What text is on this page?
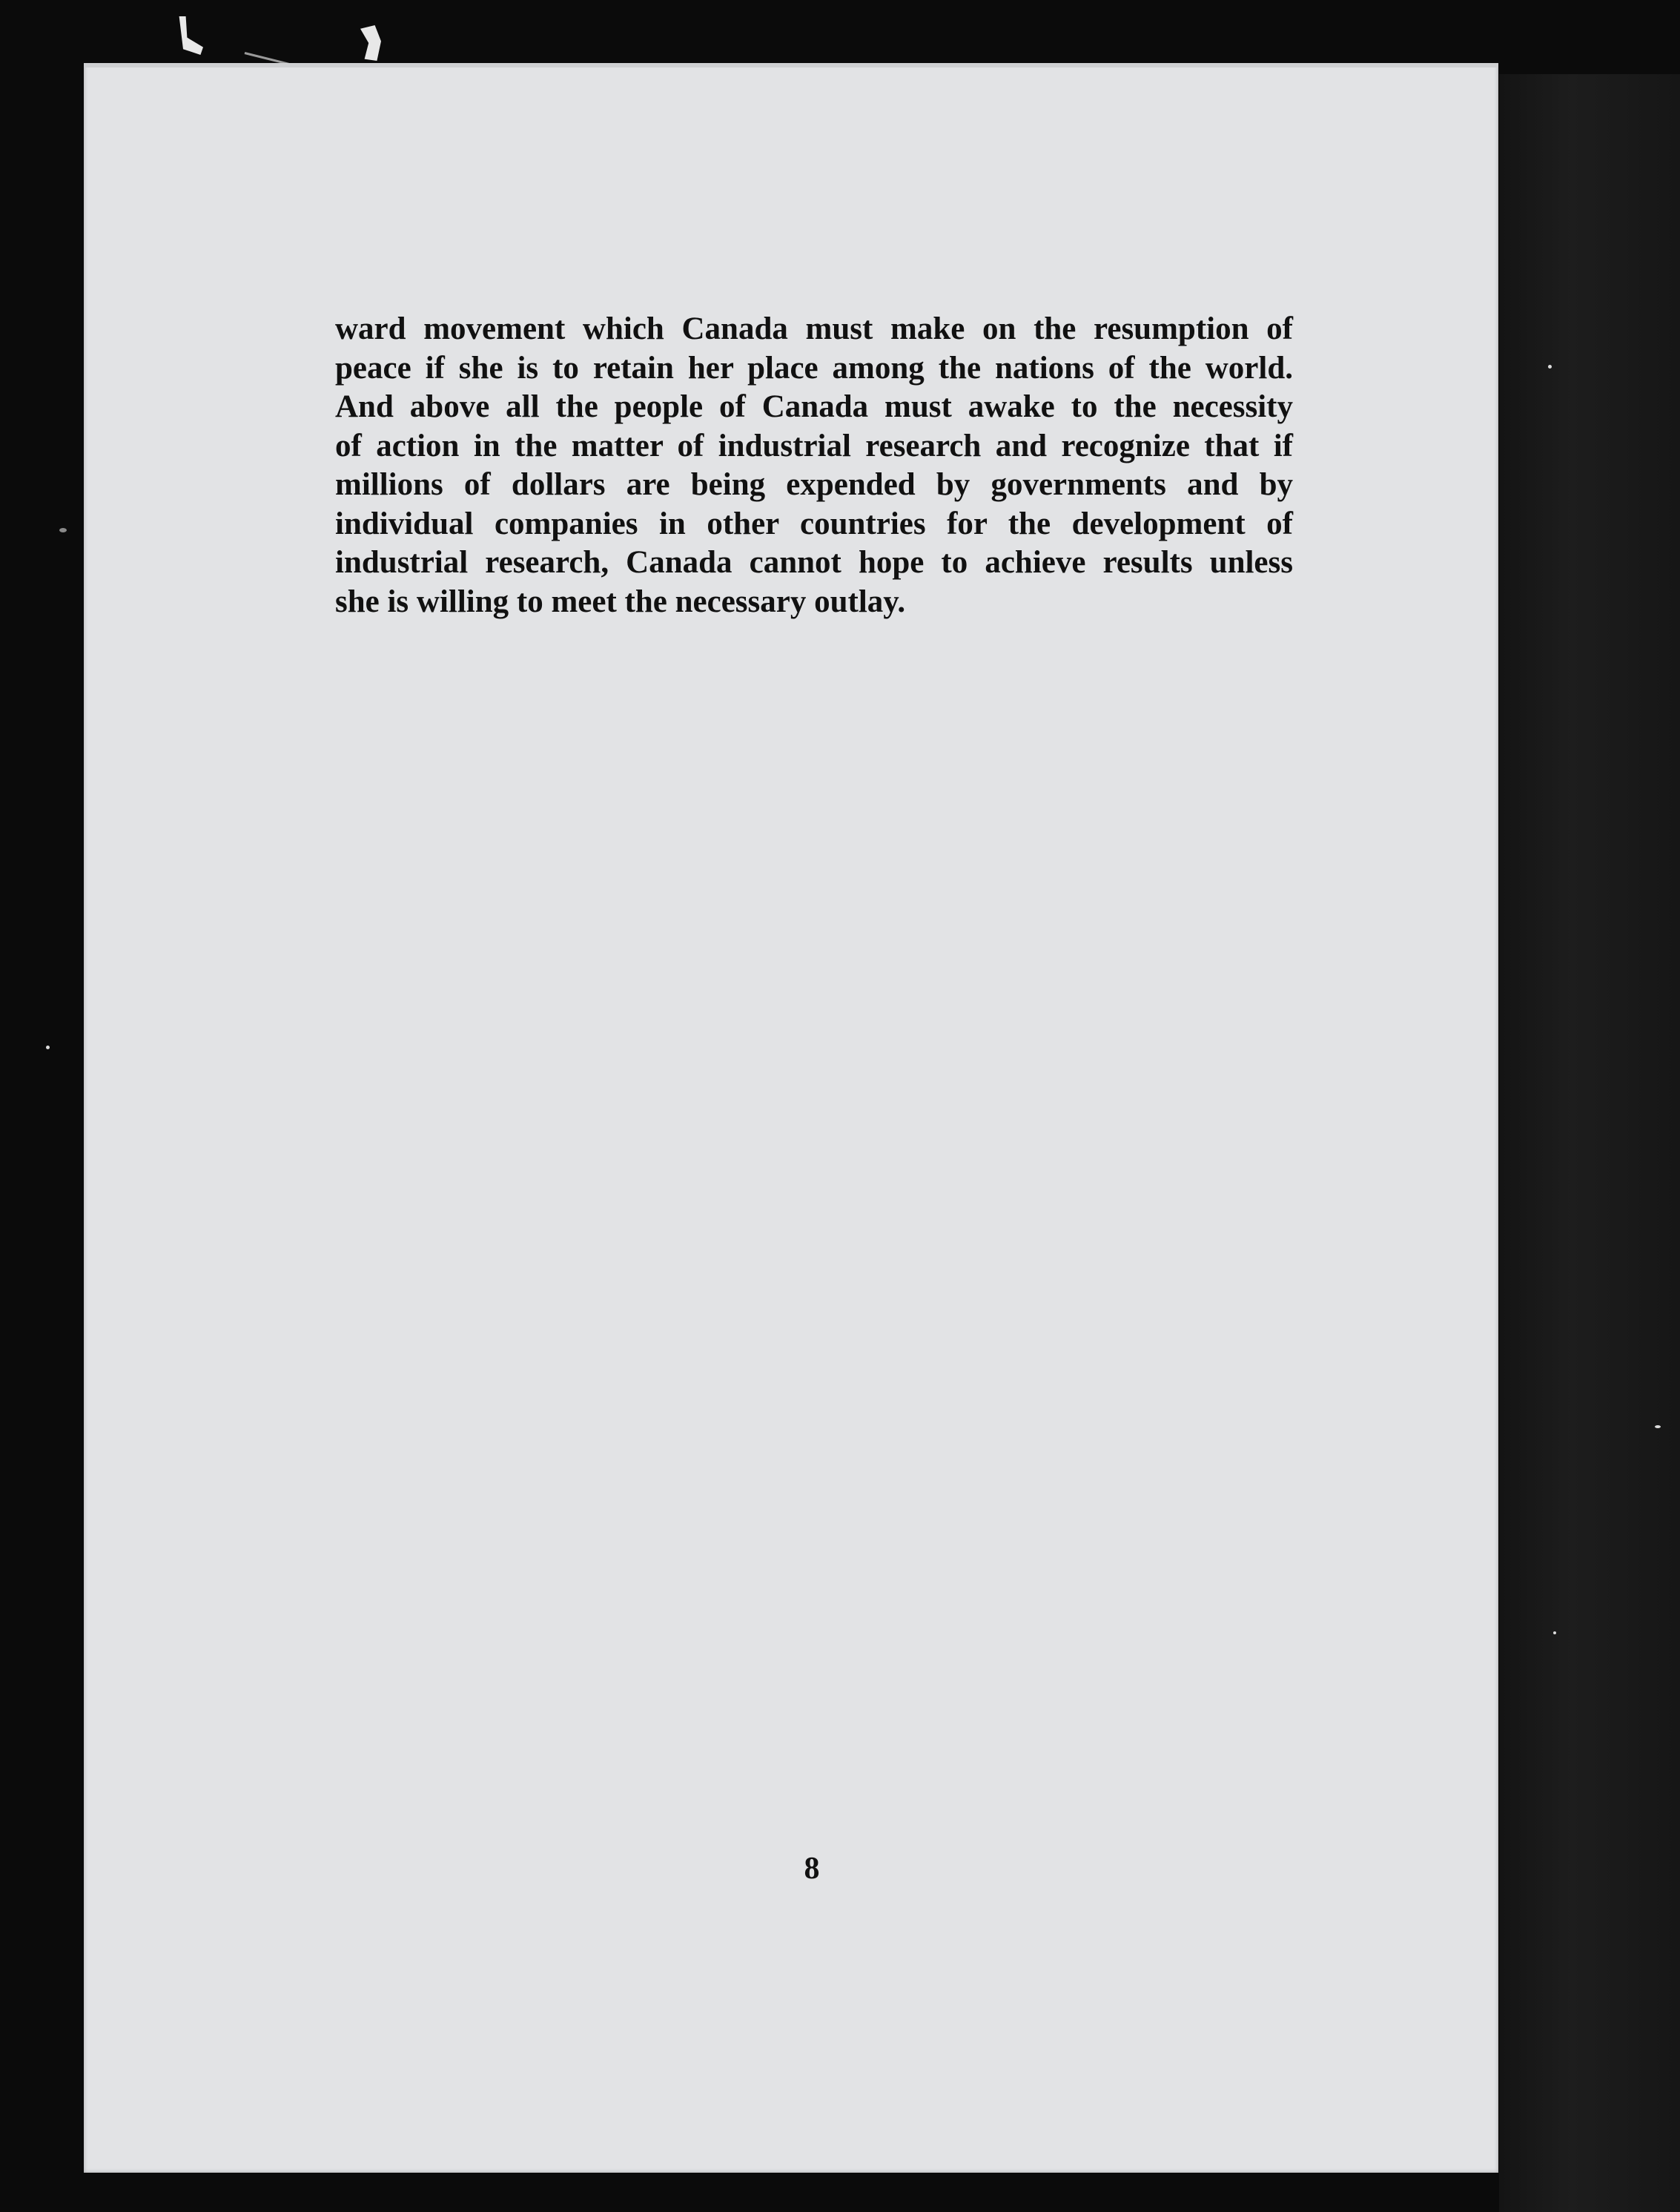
ward movement which Canada must make on the resumption of
peace if she is to retain her place among the nations of the world.
And above all the people of Canada must awake to the necessity
of action in the matter of industrial research and recognize that if
millions of dollars are being expended by governments and by
individual companies in other countries for the development of
industrial research, Canada cannot hope to achieve results unless
she is willing to meet the necessary outlay.

8
